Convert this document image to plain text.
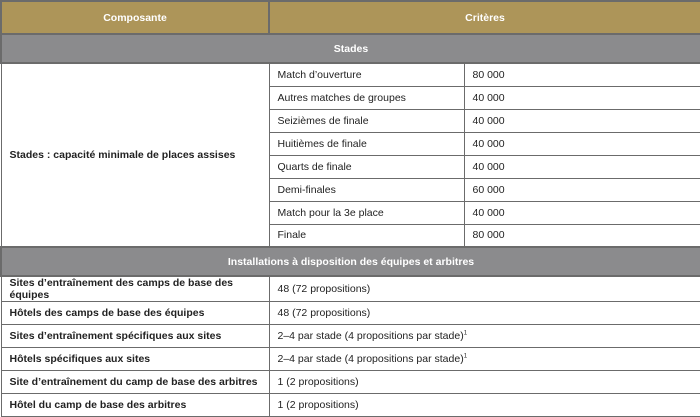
Composante	Critères	
Stades		
Stades : capacité minimale de places assises	Match d’ouverture	80 000
	Autres matches de groupes	40 000
	Seizièmes de finale	40 000
	Huitièmes de finale	40 000
	Quarts de finale	40 000
	Demi-finales	60 000
	Match pour la 3e place	40 000
	Finale	80 000
Installations à disposition des équipes et arbitres		
Sites d’entraînement des camps de base des équipes	48 (72 propositions)	
Hôtels des camps de base des équipes	48 (72 propositions)	
Sites d’entraînement spécifiques aux sites	2–4 par stade (4 propositions par stade)$^1$
Hôtels spécifiques aux sites	2–4 par stade (4 propositions par stade)$^1$
Site d’entraînement du camp de base des arbitres	1 (2 propositions)	
Hôtel du camp de base des arbitres	1 (2 propositions)	
